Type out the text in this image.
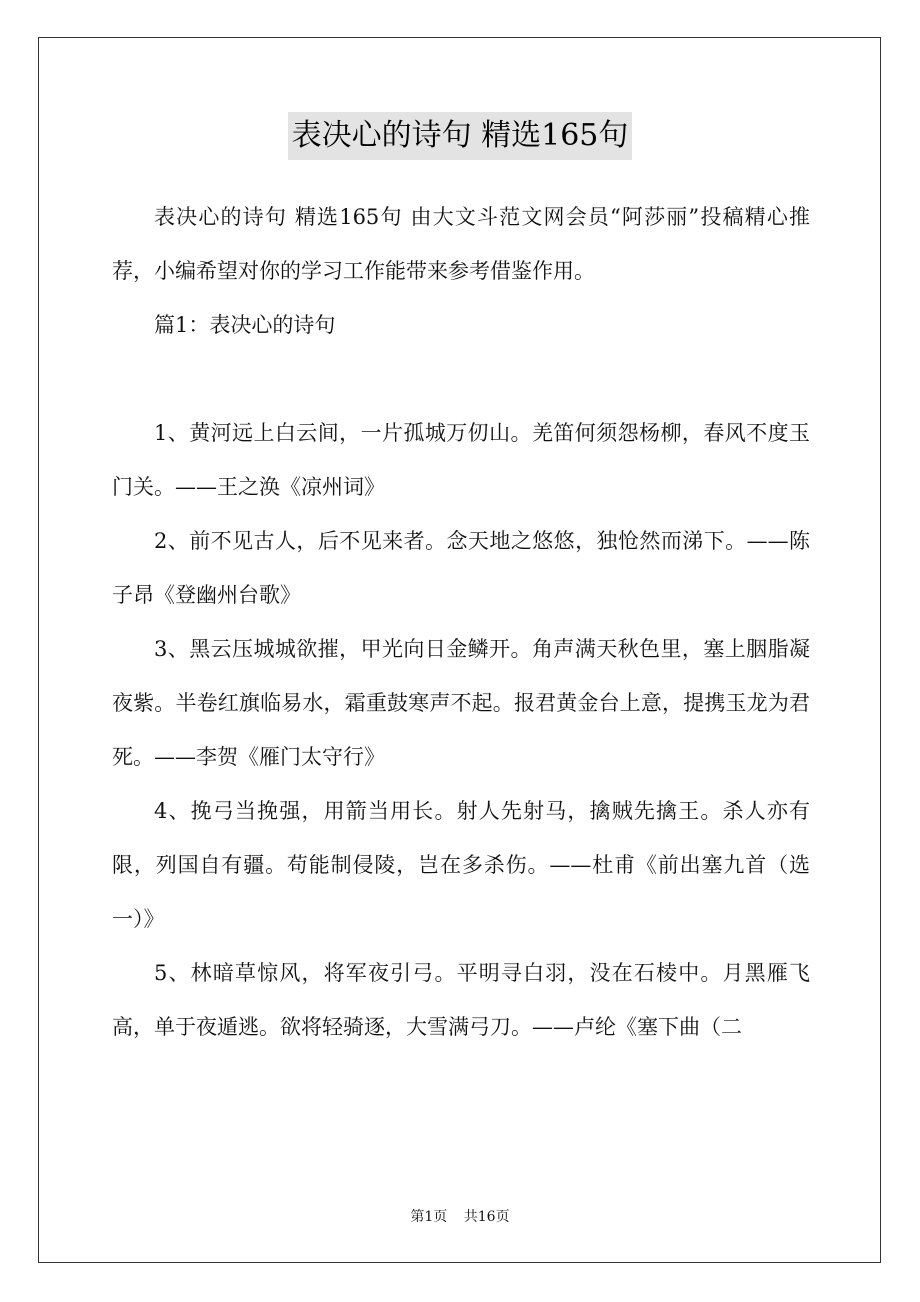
表决心的诗句 精选165句

表决心的诗句 精选165句 由大文斗范文网会员“阿莎丽”投稿精心推荐，小编希望对你的学习工作能带来参考借鉴作用。

篇1：表决心的诗句

1、黄河远上白云间，一片孤城万仞山。羌笛何须怨杨柳，春风不度玉门关。——王之涣《凉州词》

2、前不见古人，后不见来者。念天地之悠悠，独怆然而涕下。——陈子昂《登幽州台歌》

3、黑云压城城欲摧，甲光向日金鳞开。角声满天秋色里，塞上胭脂凝夜紫。半卷红旗临易水，霜重鼓寒声不起。报君黄金台上意，提携玉龙为君死。——李贺《雁门太守行》

4、挽弓当挽强，用箭当用长。射人先射马，擒贼先擒王。杀人亦有限，列国自有疆。苟能制侵陵，岂在多杀伤。——杜甫《前出塞九首（选一）》

5、林暗草惊风，将军夜引弓。平明寻白羽，没在石棱中。月黑雁飞高，单于夜遁逃。欲将轻骑逐，大雪满弓刀。——卢纶《塞下曲（二

第1页 共16页
